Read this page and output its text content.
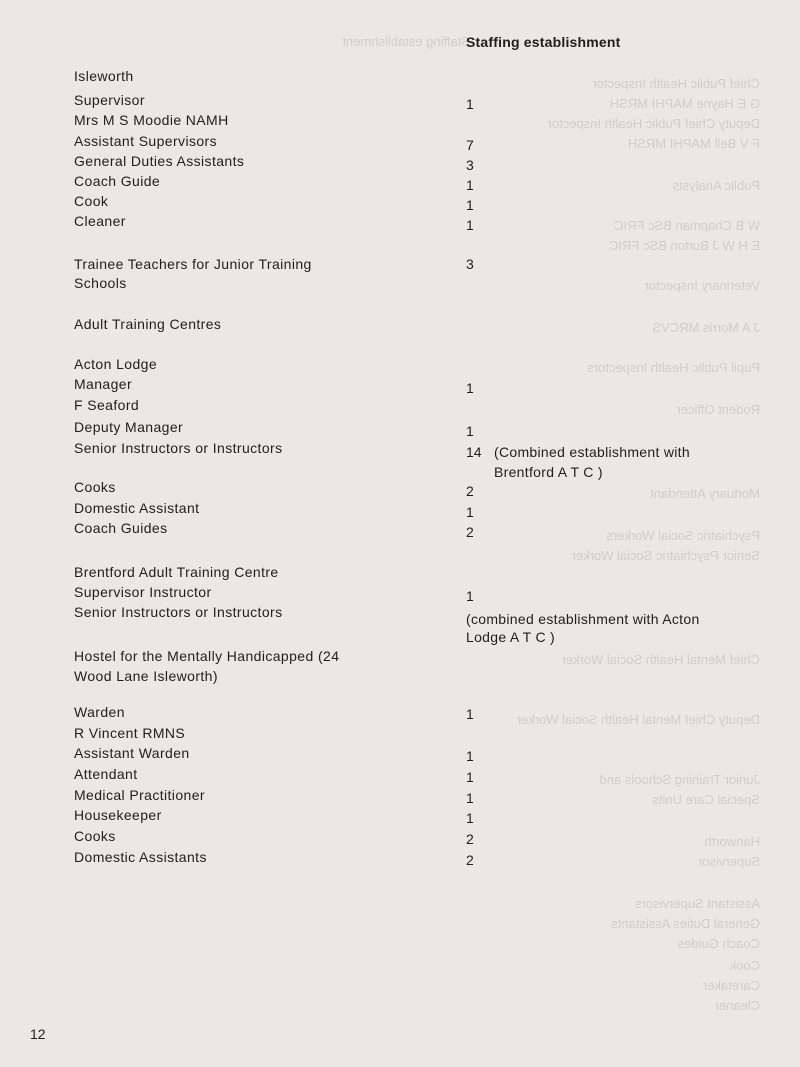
Staffing establishment
Chief Public Health Inspector
G E Hayne MAPHI MRSH
Deputy Chief Public Health Inspector
F V Bell MAPHI MRSH
Public Analysts
W B Chapman BSc FRIC
E H W J Burton BSc FRIC
Veterinary Inspector
J A Morris MRCVS
Pupil Public Health Inspectors
Rodent Officer
Mortuary Attendant
Psychiatric Social Workers
Senior Psychiatric Social Worker
Chief Mental Health Social Worker
Deputy Chief Mental Health Social Worker
Junior Training Schools and
Special Care Units
Hanworth
Supervisor
Assistant Supervisors
General Duties Assistants
Coach Guides
Cook
Caretaker
Cleaner
Staffing establishment
Isleworth
Supervisor	1
Mrs M S Moodie NAMH
Assistant Supervisors	7
General Duties Assistants	3
Coach Guide	1
Cook	1
Cleaner	1
Trainee Teachers for Junior Training	3
Schools
Adult Training Centres
Acton Lodge
Manager	1
F Seaford
Deputy Manager	1
Senior Instructors or Instructors	14 (Combined establishment with
Brentford A T C )
Cooks	2
Domestic Assistant	1
Coach Guides	2
Brentford Adult Training Centre
Supervisor Instructor	1
Senior Instructors or Instructors	(combined establishment with Acton
Lodge A T C )
Hostel for the Mentally Handicapped (24
Wood Lane Isleworth)
Warden	1
R Vincent RMNS
Assistant Warden	1
Attendant	1
Medical Practitioner	1
Housekeeper	1
Cooks	2
Domestic Assistants	2
12
